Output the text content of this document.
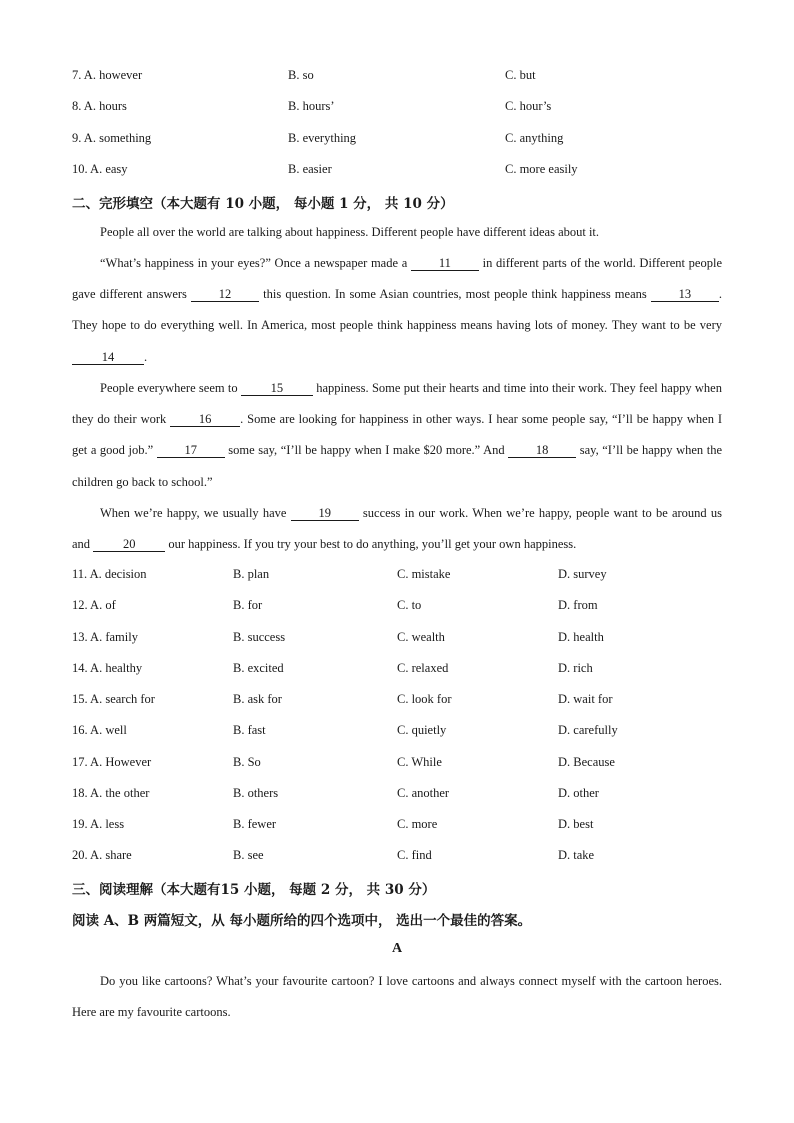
7. A. however	B. so	C. but
8. A. hours	B. hours’	C. hour’s
9. A. something	B. everything	C. anything
10. A. easy	B. easier	C. more easily
二、完形填空（本大题有 10 小题， 每小题 1 分， 共 10 分）
People all over the world are talking about happiness. Different people have different ideas about it.
“What’s happiness in your eyes?” Once a newspaper made a 11 in different parts of the world. Different people gave different answers 12 this question. In some Asian countries, most people think happiness means 13 . They hope to do everything well. In America, most people think happiness means having lots of money. They want to be very 14 .
People everywhere seem to 15 happiness. Some put their hearts and time into their work. They feel happy when they do their work 16 . Some are looking for happiness in other ways. I hear some people say, “I’ll be happy when I get a good job.” 17 some say, “I’ll be happy when I make $20 more.” And 18 say, “I’ll be happy when the children go back to school.”
When we’re happy, we usually have 19 success in our work. When we’re happy, people want to be around us and 20 our happiness. If you try your best to do anything, you’ll get your own happiness.
11. A. decision	B. plan	C. mistake	D. survey
12. A. of	B. for	C. to	D. from
13. A. family	B. success	C. wealth	D. health
14. A. healthy	B. excited	C. relaxed	D. rich
15. A. search for	B. ask for	C. look for	D. wait for
16. A. well	B. fast	C. quietly	D. carefully
17. A. However	B. So	C. While	D. Because
18. A. the other	B. others	C. another	D. other
19. A. less	B. fewer	C. more	D. best
20. A. share	B. see	C. find	D. take
三、阅读理解（本大题有15 小题， 每题 2 分， 共 30 分）
阅读 A、B 两篇短文，从 每小题所给的四个选项中， 选出一个最佳的答案。
A
Do you like cartoons? What’s your favourite cartoon? I love cartoons and always connect myself with the cartoon heroes. Here are my favourite cartoons.
